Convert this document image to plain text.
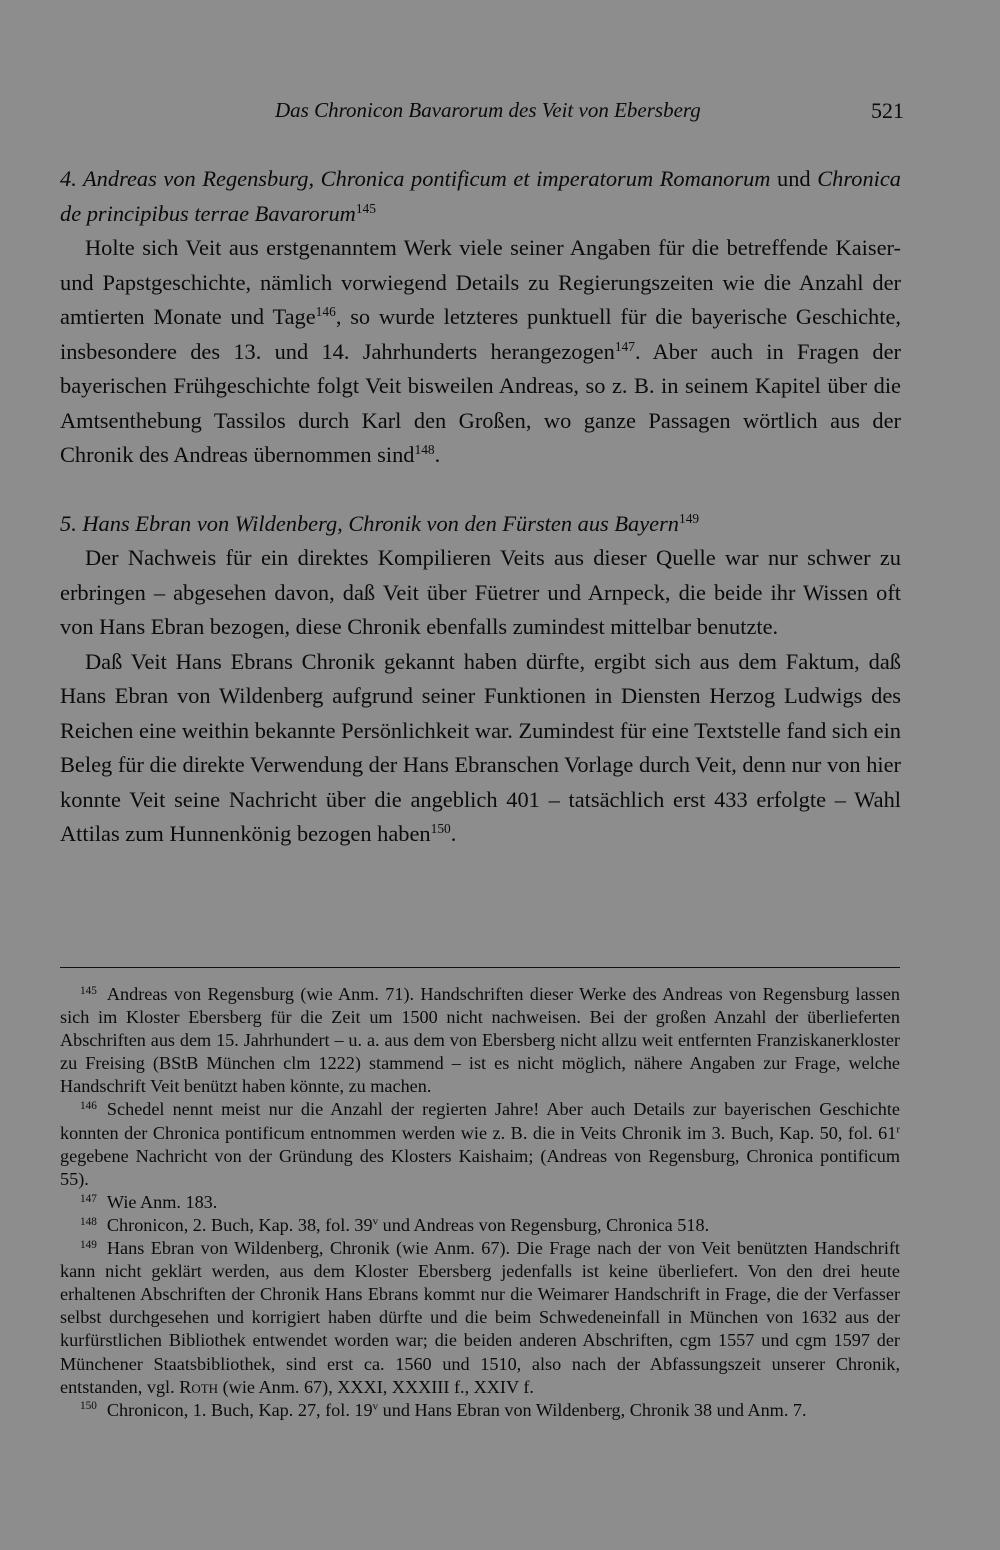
Das Chronicon Bavarorum des Veit von Ebersberg	521

4. Andreas von Regensburg, Chronica pontificum et imperatorum Romanorum und Chronica de principibus terrae Bavarorum$^{145}$

Holte sich Veit aus erstgenanntem Werk viele seiner Angaben für die betreffende Kaiser- und Papstgeschichte, nämlich vorwiegend Details zu Regierungszeiten wie die Anzahl der amtierten Monate und Tage$^{146}$, so wurde letzteres punktuell für die bayerische Geschichte, insbesondere des 13. und 14. Jahrhunderts herangezogen$^{147}$. Aber auch in Fragen der bayerischen Frühgeschichte folgt Veit bisweilen Andreas, so z. B. in seinem Kapitel über die Amtsenthebung Tassilos durch Karl den Großen, wo ganze Passagen wörtlich aus der Chronik des Andreas übernommen sind$^{148}$.

5. Hans Ebran von Wildenberg, Chronik von den Fürsten aus Bayern$^{149}$

Der Nachweis für ein direktes Kompilieren Veits aus dieser Quelle war nur schwer zu erbringen – abgesehen davon, daß Veit über Füetrer und Arnpeck, die beide ihr Wissen oft von Hans Ebran bezogen, diese Chronik ebenfalls zumindest mittelbar benutzte.

Daß Veit Hans Ebrans Chronik gekannt haben dürfte, ergibt sich aus dem Faktum, daß Hans Ebran von Wildenberg aufgrund seiner Funktionen in Diensten Herzog Ludwigs des Reichen eine weithin bekannte Persönlichkeit war. Zumindest für eine Textstelle fand sich ein Beleg für die direkte Verwendung der Hans Ebranschen Vorlage durch Veit, denn nur von hier konnte Veit seine Nachricht über die angeblich 401 – tatsächlich erst 433 erfolgte – Wahl Attilas zum Hunnenkönig bezogen haben$^{150}$.

$^{145}$ Andreas von Regensburg (wie Anm. 71). Handschriften dieser Werke des Andreas von Regensburg lassen sich im Kloster Ebersberg für die Zeit um 1500 nicht nachweisen. Bei der großen Anzahl der überlieferten Abschriften aus dem 15. Jahrhundert – u. a. aus dem von Ebersberg nicht allzu weit entfernten Franziskanerkloster zu Freising (BStB München clm 1222) stammend – ist es nicht möglich, nähere Angaben zur Frage, welche Handschrift Veit benützt haben könnte, zu machen.

$^{146}$ Schedel nennt meist nur die Anzahl der regierten Jahre! Aber auch Details zur bayerischen Geschichte konnten der Chronica pontificum entnommen werden wie z. B. die in Veits Chronik im 3. Buch, Kap. 50, fol. 61$^r$ gegebene Nachricht von der Gründung des Klosters Kaishaim; (Andreas von Regensburg, Chronica pontificum 55).

$^{147}$ Wie Anm. 183.

$^{148}$ Chronicon, 2. Buch, Kap. 38, fol. 39$^v$ und Andreas von Regensburg, Chronica 518.

$^{149}$ Hans Ebran von Wildenberg, Chronik (wie Anm. 67). Die Frage nach der von Veit benützten Handschrift kann nicht geklärt werden, aus dem Kloster Ebersberg jedenfalls ist keine überliefert. Von den drei heute erhaltenen Abschriften der Chronik Hans Ebrans kommt nur die Weimarer Handschrift in Frage, die der Verfasser selbst durchgesehen und korrigiert haben dürfte und die beim Schwedeneinfall in München von 1632 aus der kurfürstlichen Bibliothek entwendet worden war; die beiden anderen Abschriften, cgm 1557 und cgm 1597 der Münchener Staatsbibliothek, sind erst ca. 1560 und 1510, also nach der Abfassungszeit unserer Chronik, entstanden, vgl. Roth (wie Anm. 67), XXXI, XXXIII f., XXIV f.

$^{150}$ Chronicon, 1. Buch, Kap. 27, fol. 19$^v$ und Hans Ebran von Wildenberg, Chronik 38 und Anm. 7.
